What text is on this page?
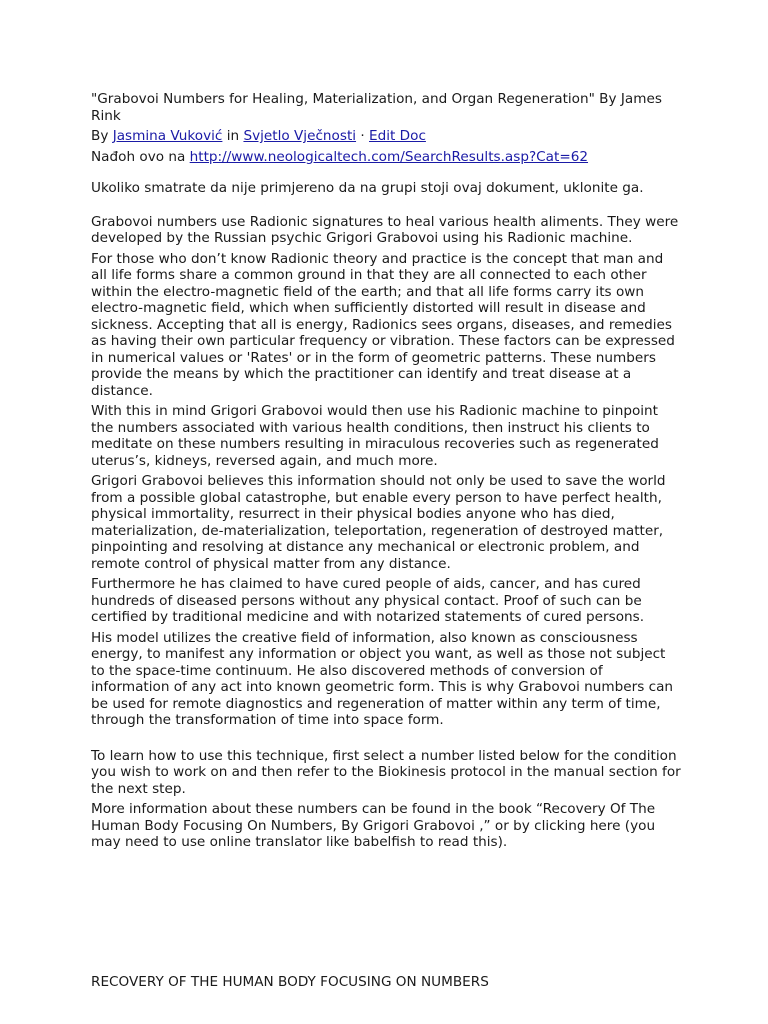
"Grabovoi Numbers for Healing, Materialization, and Organ Regeneration" By James Rink

By Jasmina Vuković in Svjetlo Vječnosti · Edit Doc

Nađoh ovo na http://www.neologicaltech.com/SearchResults.asp?Cat=62

Ukoliko smatrate da nije primjereno da na grupi stoji ovaj dokument, uklonite ga.

Grabovoi numbers use Radionic signatures to heal various health aliments. They were developed by the Russian psychic Grigori Grabovoi using his Radionic machine.

For those who don’t know Radionic theory and practice is the concept that man and all life forms share a common ground in that they are all connected to each other within the electro-magnetic field of the earth; and that all life forms carry its own electro-magnetic field, which when sufficiently distorted will result in disease and sickness. Accepting that all is energy, Radionics sees organs, diseases, and remedies as having their own particular frequency or vibration. These factors can be expressed in numerical values or 'Rates' or in the form of geometric patterns. These numbers provide the means by which the practitioner can identify and treat disease at a distance.

With this in mind Grigori Grabovoi would then use his Radionic machine to pinpoint the numbers associated with various health conditions, then instruct his clients to meditate on these numbers resulting in miraculous recoveries such as regenerated uterus’s, kidneys, reversed again, and much more.

Grigori Grabovoi believes this information should not only be used to save the world from a possible global catastrophe, but enable every person to have perfect health, physical immortality, resurrect in their physical bodies anyone who has died, materialization, de-materialization, teleportation, regeneration of destroyed matter, pinpointing and resolving at distance any mechanical or electronic problem, and remote control of physical matter from any distance.

Furthermore he has claimed to have cured people of aids, cancer, and has cured hundreds of diseased persons without any physical contact. Proof of such can be certified by traditional medicine and with notarized statements of cured persons.

His model utilizes the creative field of information, also known as consciousness energy, to manifest any information or object you want, as well as those not subject to the space-time continuum. He also discovered methods of conversion of information of any act into known geometric form. This is why Grabovoi numbers can be used for remote diagnostics and regeneration of matter within any term of time, through the transformation of time into space form.

To learn how to use this technique, first select a number listed below for the condition you wish to work on and then refer to the Biokinesis protocol in the manual section for the next step.

More information about these numbers can be found in the book “Recovery Of The Human Body Focusing On Numbers, By Grigori Grabovoi ,” or by clicking here (you may need to use online translator like babelfish to read this).

RECOVERY OF THE HUMAN BODY FOCUSING ON NUMBERS
